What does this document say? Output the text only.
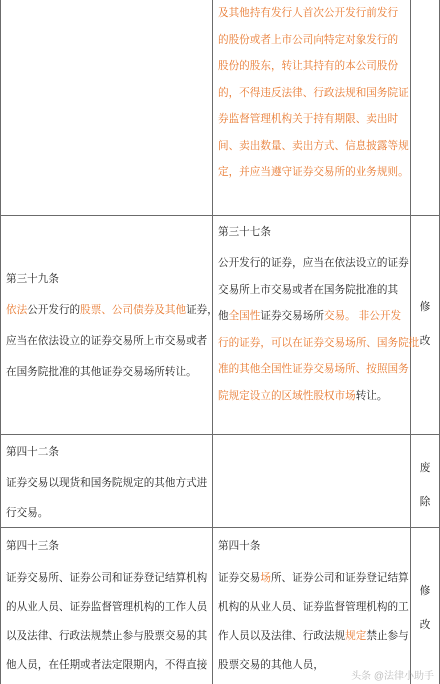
及其他持有发行人首次公开发行前发行
的股份或者上市公司向特定对象发行的
股份的股东，转让其持有的本公司股份
的，不得违反法律、行政法规和国务院证
券监督管理机构关于持有期限、卖出时
间、卖出数量、卖出方式、信息披露等规
定，并应当遵守证券交易所的业务规则。
第三十九条
依法公开发行的股票、公司债券及其他证券，
应当在依法设立的证券交易所上市交易或者
在国务院批准的其他证券交易场所转让。
第三十七条
公开发行的证券，应当在依法设立的证券
交易所上市交易或者在国务院批准的其
他全国性证券交易场所交易。 非公开发
行的证券，可以在证券交易场所、国务院批
准的其他全国性证券交易场所、按照国务
院规定设立的区域性股权市场转让。
修
改
第四十二条
证券交易以现货和国务院规定的其他方式进
行交易。
废
除
第四十三条
证券交易所、证券公司和证券登记结算机构
的从业人员、证券监督管理机构的工作人员
以及法律、行政法规禁止参与股票交易的其
他人员，在任期或者法定限期内，不得直接
第四十条
证券交易场所、证券公司和证券登记结算
机构的从业人员、证券监督管理机构的工
作人员以及法律、行政法规规定禁止参与
股票交易的其他人员，
修
改
头条 @法律小助手
